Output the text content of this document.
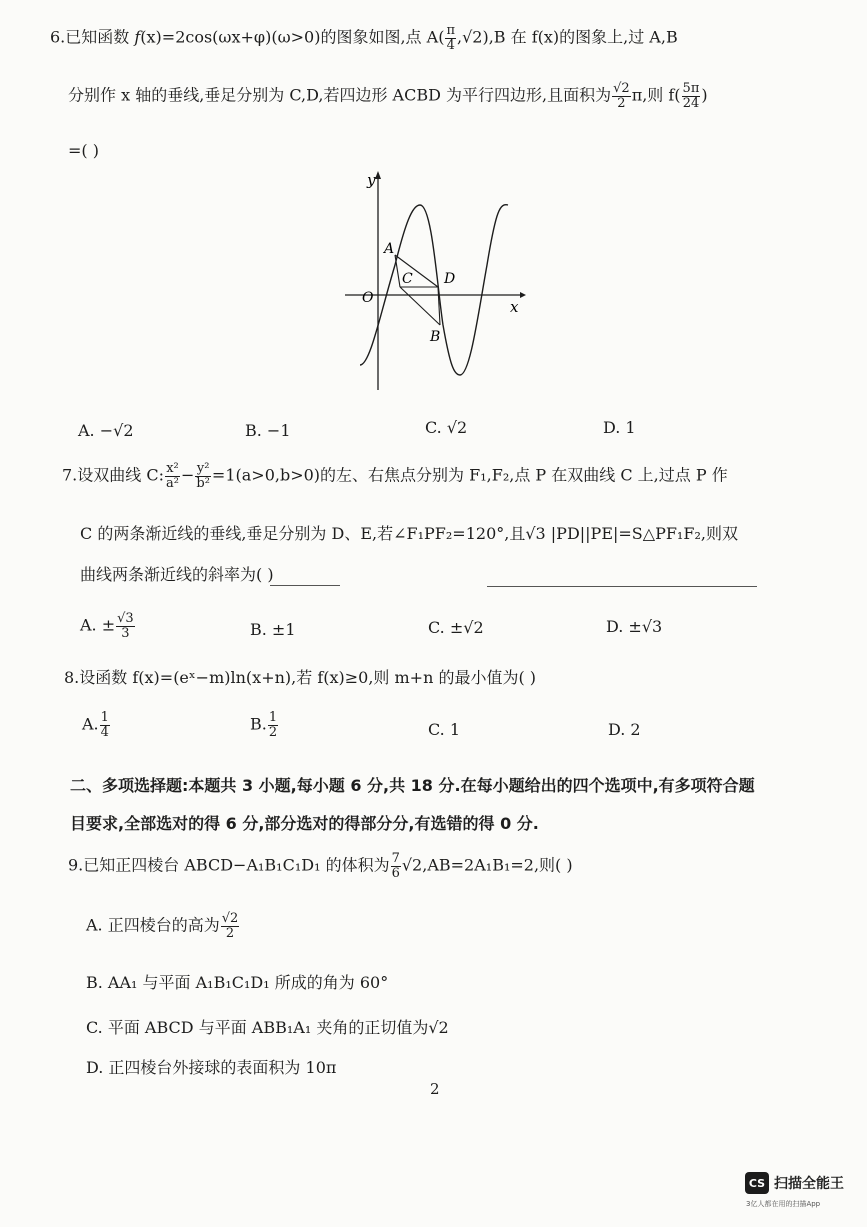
6.已知函数 f(x)=2cos(ωx+φ)(ω>0)的图象如图,点 $A( \frac{\pi}{4} ,√2),B$ 在 f(x)的图象上,过 A,B
分别作 x 轴的垂线,垂足分别为 C,D,若四边形 ACBD 为平行四边形,且面积为 $\frac{√2}{2} \pi$,则 $f( \frac{5\pi}{24}$ )
=( )
y
x
O
A
C D
B
A. −√2	B. −1	C. √2	D. 1
7.设双曲线 C: $\frac{\text{x²}}{\text{a²}} - \frac{\text{y²}}{\text{b²}} =1(a>0,b>0)$的左、右焦点分别为 F₁,F₂,点 P 在双曲线 C 上,过点 P 作
C 的两条渐近线的垂线,垂足分别为 D、E,若∠F₁PF₂=120°,且√3 |PD||PE|=S△PF₁F₂,则双
曲线两条渐近线的斜率为( )
A. ± $\frac{√3}{3}$	B. ±1	C. ±√2	D. ±√3
8.设函数 f(x)=(eˣ−m)ln(x+n),若 f(x)≥0,则 m+n 的最小值为( )
A. $\frac{1}{4}$	B. $\frac{1}{2}$	C. 1	D. 2
二、多项选择题:本题共 3 小题,每小题 6 分,共 18 分.在每小题给出的四个选项中,有多项符合题
目要求,全部选对的得 6 分,部分选对的得部分分,有选错的得 0 分.
9.已知正四棱台 ABCD−A₁B₁C₁D₁ 的体积为 $\frac{7}{6} √2,AB=2A_1B_1=2$,则( )
A. 正四棱台的高为 $\frac{√2}{2}$
B. AA₁ 与平面 A₁B₁C₁D₁ 所成的角为 60°
C. 平面 ABCD 与平面 ABB₁A₁ 夹角的正切值为√2
D. 正四棱台外接球的表面积为 10π
2
CS 扫描全能王
3亿人都在用的扫描App
